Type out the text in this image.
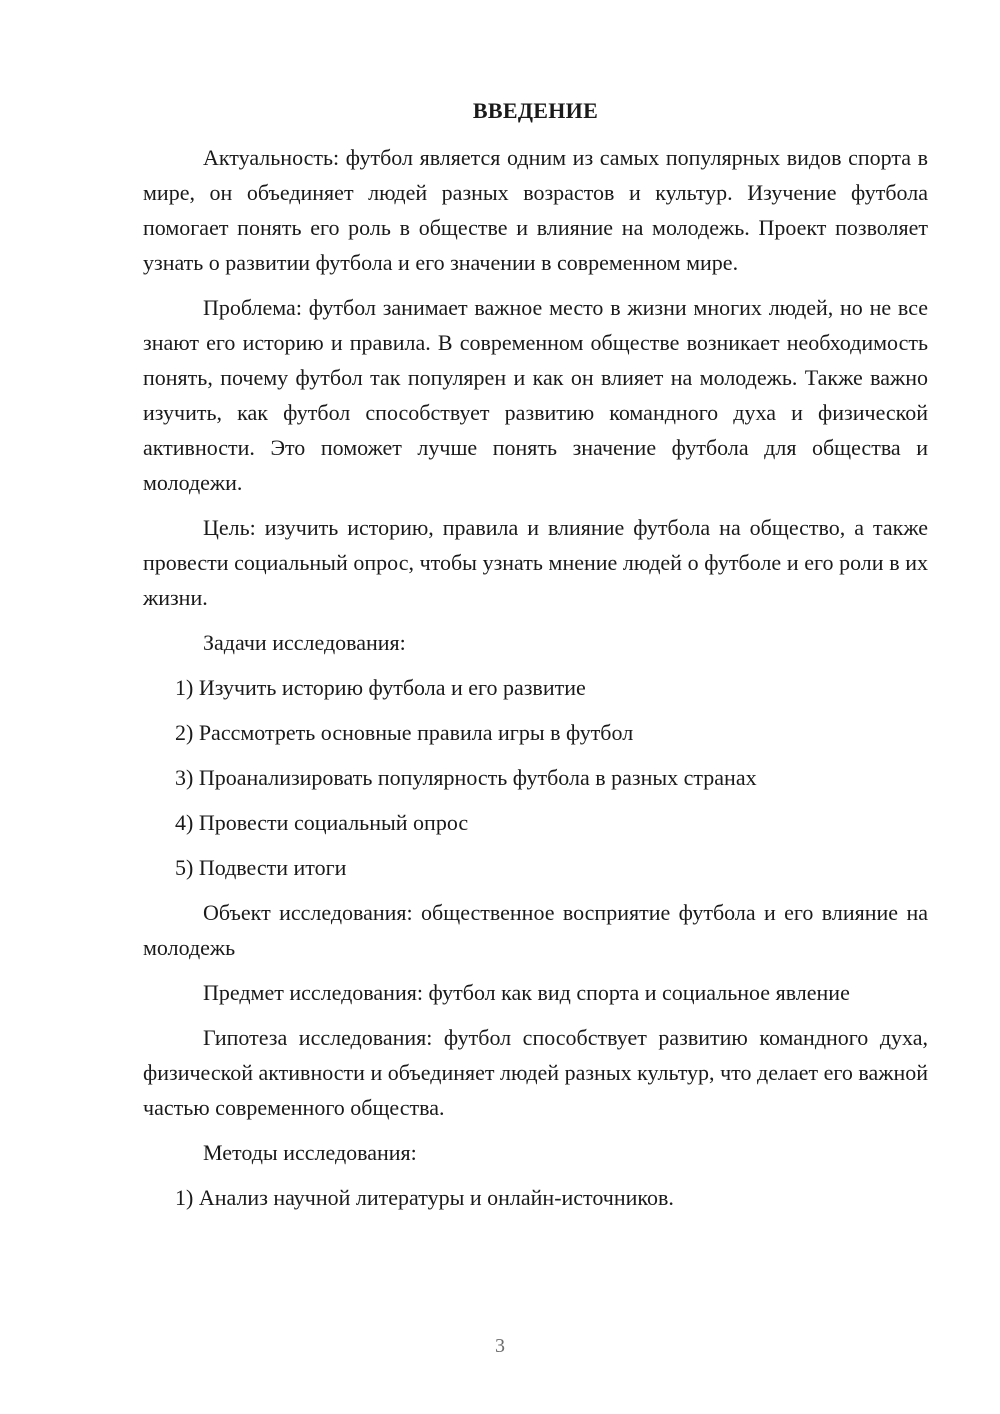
ВВЕДЕНИЕ

Актуальность: футбол является одним из самых популярных видов спорта в мире, он объединяет людей разных возрастов и культур. Изучение футбола помогает понять его роль в обществе и влияние на молодежь. Проект позволяет узнать о развитии футбола и его значении в современном мире.

Проблема: футбол занимает важное место в жизни многих людей, но не все знают его историю и правила. В современном обществе возникает необходимость понять, почему футбол так популярен и как он влияет на молодежь. Также важно изучить, как футбол способствует развитию командного духа и физической активности. Это поможет лучше понять значение футбола для общества и молодежи.

Цель: изучить историю, правила и влияние футбола на общество, а также провести социальный опрос, чтобы узнать мнение людей о футболе и его роли в их жизни.

Задачи исследования:

1) Изучить историю футбола и его развитие
2) Рассмотреть основные правила игры в футбол
3) Проанализировать популярность футбола в разных странах
4) Провести социальный опрос
5) Подвести итоги

Объект исследования: общественное восприятие футбола и его влияние на молодежь

Предмет исследования: футбол как вид спорта и социальное явление

Гипотеза исследования: футбол способствует развитию командного духа, физической активности и объединяет людей разных культур, что делает его важной частью современного общества.

Методы исследования:

1) Анализ научной литературы и онлайн-источников.
3
